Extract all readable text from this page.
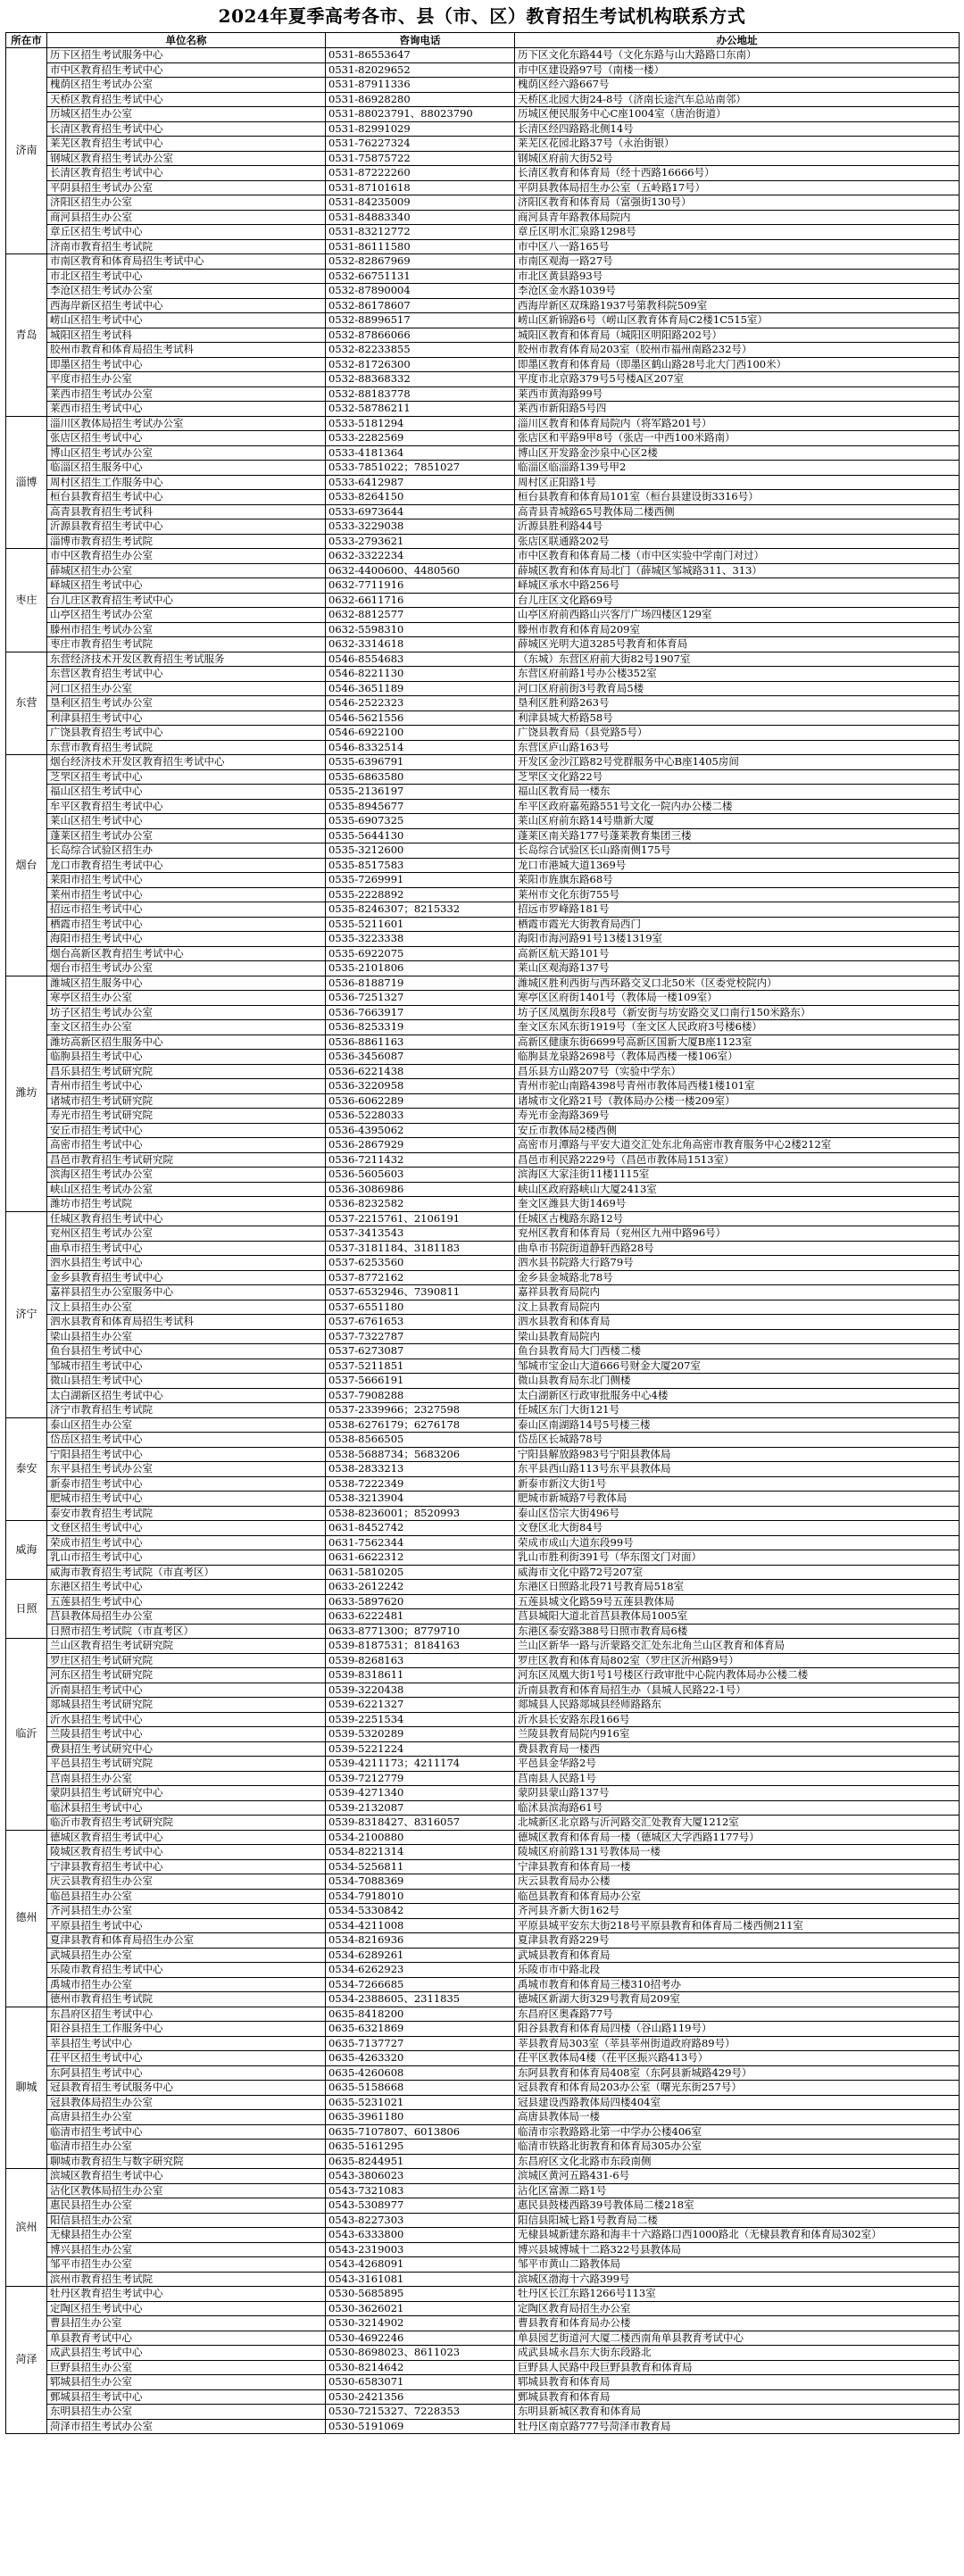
2024年夏季高考各市、县（市、区）教育招生考试机构联系方式
所在市	单位名称	咨询电话	办公地址
济南	历下区招生考试服务中心	0531-86553647	历下区文化东路44号（文化东路与山大路路口东南）
	市中区教育招生考试中心	0531-82029652	市中区建设路97号（南楼一楼）
	槐荫区招生考试办公室	0531-87911336	槐荫区经六路667号
	天桥区教育招生考试中心	0531-86928280	天桥区北园大街24-8号（济南长途汽车总站南邻）
	历城区招生办公室	0531-88023791、88023790	历城区便民服务中心C座1004室（唐治街道）
	长清区教育招生考试中心	0531-82991029	长清区经四路路北侧14号
	莱芜区教育招生考试中心	0531-76227324	莱芜区花园北路37号（永治街银）
	钢城区教育招生考试办公室	0531-75875722	钢城区府前大街52号
	长清区教育招生考试中心	0531-87222260	长清区教育和体育局（经十西路16666号）
	平阴县招生考试办公室	0531-87101618	平阴县教体局招生办公室（五岭路17号）
	济阳区招生办公室	0531-84235009	济阳区教育和体育局（富强街130号）
	商河县招生办公室	0531-84883340	商河县青年路教体局院内
	章丘区招生考试中心	0531-83212772	章丘区明水汇泉路1298号
	济南市教育招生考试院	0531-86111580	市中区八一路165号
青岛	市南区教育和体育局招生考试中心	0532-82867969	市南区观海一路27号
	市北区招生考试中心	0532-66751131	市北区黄县路93号
	李沧区招生考试办公室	0532-87890004	李沧区金水路1039号
	西海岸新区招生考试中心	0532-86178607	西海岸新区双珠路1937号第教科院509室
	崂山区招生考试中心	0532-88996517	崂山区新锦路6号（崂山区教育体育局C2楼1C515室）
	城阳区招生考试科	0532-87866066	城阳区教育和体育局（城阳区明阳路202号）
	胶州市教育和体育局招生考试科	0532-82233855	胶州市教育体育局203室（胶州市福州南路232号）
	即墨区招生考试中心	0532-81726300	即墨区教育和体育局（即墨区鹤山路28号北大门西100米）
	平度市招生办公室	0532-88368332	平度市北京路379号5号楼A区207室
	莱西市招生考试办公室	0532-88183778	莱西市黄海路99号
	莱西市招生考试中心	0532-58786211	莱西市新阳路5号四
淄博	淄川区教体局招生考试办公室	0533-5181294	淄川区教育和体育局院内（将军路201号）
	张店区招生考试中心	0533-2282569	张店区和平路9甲8号（张店一中西100米路南）
	博山区招生考试办公室	0533-4181364	博山区开发路金沙泉中心区2楼
	临淄区招生服务中心	0533-7851022；7851027	临淄区临淄路139号甲2
	周村区招生工作服务中心	0533-6412987	周村区正阳路1号
	桓台县教育招生考试中心	0533-8264150	桓台县教育和体育局101室（桓台县建设街3316号）
	高青县教育招生考试科	0533-6973644	高青县青城路65号教体局二楼西侧
	沂源县教育招生考试中心	0533-3229038	沂源县胜利路44号
	淄博市教育招生考试院	0533-2793621	张店区联通路202号
枣庄	市中区教育招生办公室	0632-3322234	市中区教育和体育局二楼（市中区实验中学南门对过）
	薛城区招生办公室	0632-4400600、4480560	薛城区教育和体育局北门（薛城区邹城路311、313）
	峄城区招生考试中心	0632-7711916	峄城区承水中路256号
	台儿庄区教育招生考试中心	0632-6611716	台儿庄区文化路69号
	山亭区招生考试办公室	0632-8812577	山亭区府前西路山兴客厅广场四楼区129室
	滕州市招生考试办公室	0632-5598310	滕州市教育和体育局209室
	枣庄市教育招生考试院	0632-3314618	薛城区光明大道3285号教育和体育局
东营	东营经济技术开发区教育招生考试服务	0546-8554683	（东城）东营区府前大街82号1907室
	东营区教育招生考试中心	0546-8221130	东营区府前路1号办公楼352室
	河口区招生办公室	0546-3651189	河口区府前街3号教育局5楼
	垦利区招生考试办公室	0546-2522323	垦利区胜利路263号
	利津县招生考试中心	0546-5621556	利津县城大桥路58号
	广饶县教育招生考试中心	0546-6922100	广饶县教育局（县党路5号）
	东营市教育招生考试院	0546-8332514	东营区庐山路163号
烟台	烟台经济技术开发区教育招生考试中心	0535-6396791	开发区金沙江路82号党群服务中心B座1405房间
	芝罘区招生考试中心	0535-6863580	芝罘区文化路22号
	福山区招生考试中心	0535-2136197	福山区教育局一楼东
	牟平区教育招生考试中心	0535-8945677	牟平区政府嘉苑路551号文化一院内办公楼二楼
	莱山区招生考试中心	0535-6907325	莱山区府前东路14号鼎新大厦
	蓬莱区招生考试办公室	0535-5644130	蓬莱区南关路177号蓬莱教育集团三楼
	长岛综合试验区招生办	0535-3212600	长岛综合试验区长山路南侧175号
	龙口市教育招生考试中心	0535-8517583	龙口市港城大道1369号
	莱阳市招生考试中心	0535-7269991	莱阳市旌旗东路68号
	莱州市招生考试中心	0535-2228892	莱州市文化东街755号
	招远市招生考试中心	0535-8246307；8215332	招远市罗峰路181号
	栖霞市招生考试中心	0535-5211601	栖霞市霞光大街教育局西门
	海阳市招生考试中心	0535-3223338	海阳市海河路91号13楼1319室
	烟台高新区教育招生考试中心	0535-6922075	高新区航天路101号
	烟台市招生考试办公室	0535-2101806	莱山区观海路137号
潍坊	潍城区招生服务中心	0536-8188719	潍城区胜利西街与西环路交叉口北50米（区委党校院内）
	寒亭区招生办公室	0536-7251327	寒亭区区府街1401号（教体局一楼109室）
	坊子区招生考试办公室	0536-7663917	坊子区凤凰街东段8号（新安街与坊安路交叉口南行150米路东）
	奎文区招生办公室	0536-8253319	奎文区东风东街1919号（奎文区人民政府3号楼6楼）
	潍坊高新区招生服务中心	0536-8861163	高新区健康东街6699号高新区国新大厦B座1123室
	临朐县招生考试中心	0536-3456087	临朐县龙泉路2698号（教体局西楼一楼106室）
	昌乐县招生考试研究院	0536-6221438	昌乐县方山路207号（实验中学东）
	青州市招生考试中心	0536-3220958	青州市驼山南路4398号青州市教体局西楼1楼101室
	诸城市招生考试研究院	0536-6062289	诸城市文化路21号（教体局办公楼一楼209室）
	寿光市招生考试研究院	0536-5228033	寿光市金海路369号
	安丘市招生考试中心	0536-4395062	安丘市教体局2楼西侧
	高密市招生考试中心	0536-2867929	高密市月潭路与平安大道交汇处东北角高密市教育服务中心2楼212室
	昌邑市教育招生考试研究院	0536-7211432	昌邑市利民路2229号（昌邑市教体局1513室）
	滨海区招生考试办公室	0536-5605603	滨海区大家洼街11楼1115室
	峡山区招生考试办公室	0536-3086986	峡山区政府路峡山大厦2413室
	潍坊市招生考试院	0536-8232582	奎文区潍县大街1469号
济宁	任城区教育招生考试中心	0537-2215761、2106191	任城区古槐路东路12号
	兖州区招生考试办公室	0537-3413543	兖州区教育和体育局（兖州区九州中路96号）
	曲阜市招生考试中心	0537-3181184、3181183	曲阜市书院街道静轩西路28号
	泗水县招生考试中心	0537-6253560	泗水县书院路大行路79号
	金乡县教育招生考试中心	0537-8772162	金乡县金城路北78号
	嘉祥县招生办公室服务中心	0537-6532946、7390811	嘉祥县教育局院内
	汶上县招生办公室	0537-6551180	汶上县教育局院内
	泗水县教育和体育局招生考试科	0537-6761653	泗水县教育和体育局
	梁山县招生办公室	0537-7322787	梁山县教育局院内
	鱼台县招生考试中心	0537-6273087	鱼台县教育局大门西楼二楼
	邹城市招生考试中心	0537-5211851	邹城市宝金山大道666号财金大厦207室
	微山县招生考试中心	0537-5666191	微山县教育局东北门侧楼
	太白湖新区招生考试中心	0537-7908288	太白湖新区行政审批服务中心4楼
	济宁市教育招生考试院	0537-2339966；2327598	任城区东门大街121号
泰安	泰山区招生办公室	0538-6276179；6276178	泰山区南湖路14号5号楼三楼
	岱岳区招生考试中心	0538-8566505	岱岳区长城路78号
	宁阳县招生考试中心	0538-5688734；5683206	宁阳县解放路983号宁阳县教体局
	东平县招生考试办公室	0538-2833213	东平县西山路113号东平县教体局
	新泰市招生考试中心	0538-7222349	新泰市新汶大街1号
	肥城市招生考试中心	0538-3213904	肥城市新城路7号教体局
	泰安市教育招生考试院	0538-8236001；8520993	泰山区岱宗大街496号
威海	文登区招生考试中心	0631-8452742	文登区北大街84号
	荣成市招生考试中心	0631-7562344	荣成市成山大道东段99号
	乳山市招生考试中心	0631-6622312	乳山市胜利街391号（华东图文门对面）
	威海市教育招生考试院（市直考区）	0631-5810205	威海市文化中路72号207室
日照	东港区招生考试中心	0633-2612242	东港区日照路北段71号教育局518室
	五莲县招生考试中心	0633-5897620	五莲县城文化路59号五莲县教体局
	莒县教体局招生办公室	0633-6222481	莒县城阳大道北首莒县教体局1005室
	日照市招生考试院（市直考区）	0633-8771300；8779710	东港区泰安路388号日照市教育局6楼
临沂	兰山区教育招生考试研究院	0539-8187531；8184163	兰山区新华一路与沂蒙路交汇处东北角兰山区教育和体育局
	罗庄区招生考试研究院	0539-8268163	罗庄区教育和体育局802室（罗庄区沂州路9号）
	河东区招生考试研究院	0539-8318611	河东区凤凰大街1号1号楼区行政审批中心院内教体局办公楼二楼
	沂南县招生考试中心	0539-3220438	沂南县教育和体育局招生办（县城人民路22-1号）
	郯城县招生考试研究院	0539-6221327	郯城县人民路郯城县经师路路东
	沂水县招生考试中心	0539-2251534	沂水县长安路东段166号
	兰陵县招生考试中心	0539-5320289	兰陵县教育局院内916室
	费县招生考试研究中心	0539-5221224	费县教育局一楼西
	平邑县招生考试研究院	0539-4211173；4211174	平邑县金华路2号
	莒南县招生办公室	0539-7212779	莒南县人民路1号
	蒙阴县招生考试研究中心	0539-4271340	蒙阴县蒙山路137号
	临沭县招生考试中心	0539-2132087	临沭县滨海路61号
	临沂市教育招生考试研究院	0539-8318427、8316057	北城新区北京路与沂河路交汇处教育大厦1212室
德州	德城区教育招生考试中心	0534-2100880	德城区教育和体育局一楼（德城区大学西路1177号）
	陵城区教育招生考试中心	0534-8221314	陵城区府前路131号教体局一楼
	宁津县教育招生考试中心	0534-5256811	宁津县教育和体育局一楼
	庆云县教育招生办公室	0534-7088369	庆云县教育局办公楼
	临邑县招生办公室	0534-7918010	临邑县教育和体育局办公室
	齐河县招生办公室	0534-5330842	齐河县齐新大街162号
	平原县招生考试中心	0534-4211008	平原县城平安东大街218号平原县教育和体育局二楼西侧211室
	夏津县教育和体育局招生办公室	0534-8216936	夏津县教育路229号
	武城县招生办公室	0534-6289261	武城县教育和体育局
	乐陵市教育招生考试中心	0534-6262923	乐陵市市中路北段
	禹城市招生办公室	0534-7266685	禹城市教育和体育局三楼310招考办
	德州市教育招生考试院	0534-2388605、2311835	德城区新湖大街329号教育局209室
聊城	东昌府区招生考试中心	0635-8418200	东昌府区奥森路77号
	阳谷县招生工作服务中心	0635-6321869	阳谷县教育和体育局四楼（谷山路119号）
	莘县招生考试中心	0635-7137727	莘县教育局303室（莘县莘州街道政府路89号）
	茌平区招生考试中心	0635-4263320	茌平区教体局4楼（茌平区振兴路413号）
	东阿县招生考试中心	0635-4260608	东阿县教育和体育局408室（东阿县新城路429号）
	冠县教育招生考试服务中心	0635-5158668	冠县教育和体育局203办公室（曙光东街257号）
	冠县教体局招生办公室	0635-5231021	冠县建设西路教体局四楼404室
	高唐县招生办公室	0635-3961180	高唐县教体局一楼
	临清市招生考试中心	0635-7107807、6013806	临清市宗教路路北第一中学办公楼406室
	临清市招生办公室	0635-5161295	临清市铁路北街教育和体育局305办公室
	聊城市教育招生与数字研究院	0635-8244951	东昌府区文化北路市东段南侧
滨州	滨城区教育招生考试中心	0543-3806023	滨城区黄河五路431-6号
	沾化区教体局招生办公室	0543-7321083	沾化区富源二路1号
	惠民县招生办公室	0543-5308977	惠民县鼓楼西路39号教体局二楼218室
	阳信县招生办公室	0543-8227303	阳信县阳城七路1号教育局二楼
	无棣县招生办公室	0543-6333800	无棣县城新建东路和海丰十六路路口西1000路北（无棣县教育和体育局302室）
	博兴县招生办公室	0543-2319003	博兴县城博城十二路322号县教体局
	邹平市招生办公室	0543-4268091	邹平市黄山二路教体局
	滨州市教育招生考试院	0543-3161081	滨城区渤海十六路399号
菏泽	牡丹区教育招生考试中心	0530-5685895	牡丹区长江东路1266号113室
	定陶区招生考试中心	0530-3626021	定陶区教育局招生办公室
	曹县招生办公室	0530-3214902	曹县教育和体育局办公楼
	单县教育考试中心	0530-4692246	单县园艺街道河大厦二楼西南角单县教育考试中心
	成武县招生考试中心	0530-8698023、8611023	成武县城永昌东大街东段路北
	巨野县招生办公室	0530-8214642	巨野县人民路中段巨野县教育和体育局
	郓城县招生办公室	0530-6583071	郓城县教育和体育局
	鄄城县招生考试中心	0530-2421356	鄄城县教育和体育局
	东明县招生办公室	0530-7215327、7228353	东明县新城区教育和体育局
	菏泽市招生考试办公室	0530-5191069	牡丹区南京路777号菏泽市教育局
